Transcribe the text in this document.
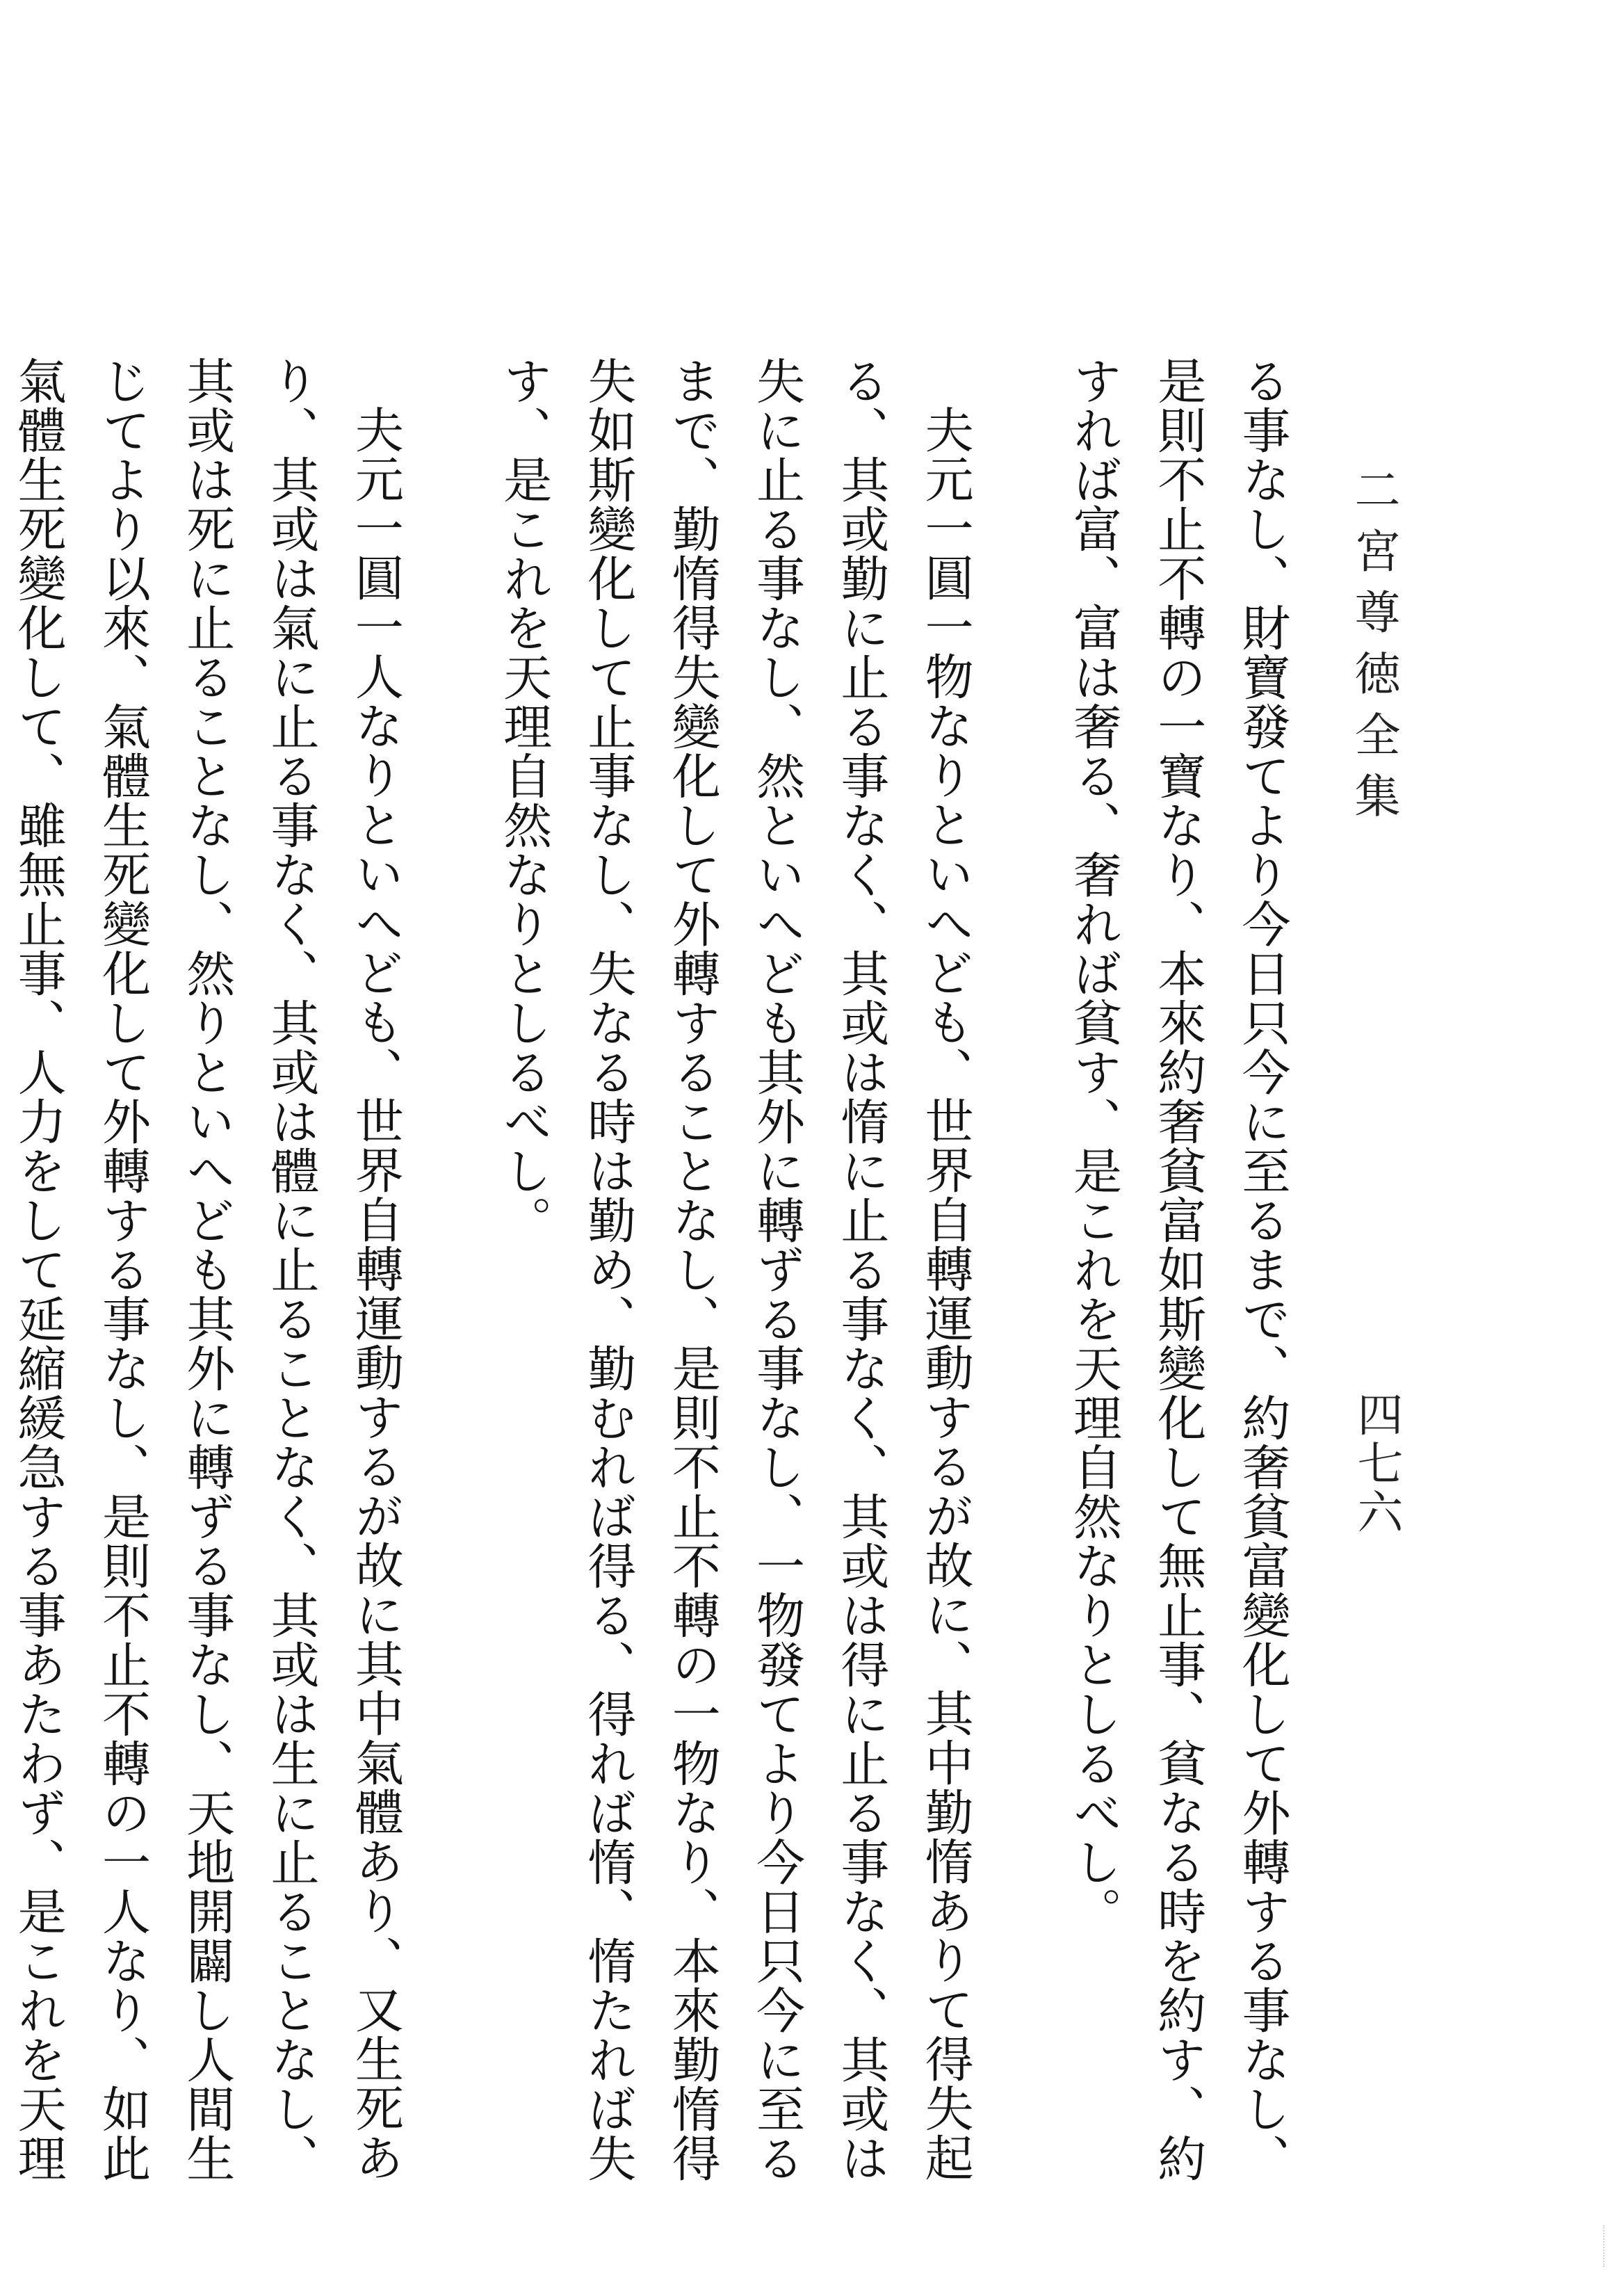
二宮尊徳全集
四七六

る事なし、財寶發てより今日只今に至るまで、約奢貧富變化して外轉する事なし、是則不止不轉の一寶なり、本來約奢貧富如斯變化して無止事、貧なる時を約す、約すれば富、富は奢る、奢れば貧す、是これを天理自然なりとしるべし。

夫元一圓一物なりといへども、世界自轉運動するが故に、其中勤惰ありて得失起る、其或勤に止る事なく、其或は惰に止る事なく、其或は得に止る事なく、其或は失に止る事なし、然といへども其外に轉ずる事なし、一物發てより今日只今に至るまで、勤惰得失變化して外轉することなし、是則不止不轉の一物なり、本來勤惰得失如斯變化して止事なし、失なる時は勤め、勤むれば得る、得れば惰、惰たれば失す、是これを天理自然なりとしるべし。

夫元一圓一人なりといへども、世界自轉運動するが故に其中氣體あり、又生死あり、其或は氣に止る事なく、其或は體に止ることなく、其或は生に止ることなし、其或は死に止ることなし、然りといへども其外に轉ずる事なし、天地開闢し人間生じてより以來、氣體生死變化して外轉する事なし、是則不止不轉の一人なり、如此氣體生死變化して、雖無止事、人力をして延縮緩急する事あたわず、是これを天理
